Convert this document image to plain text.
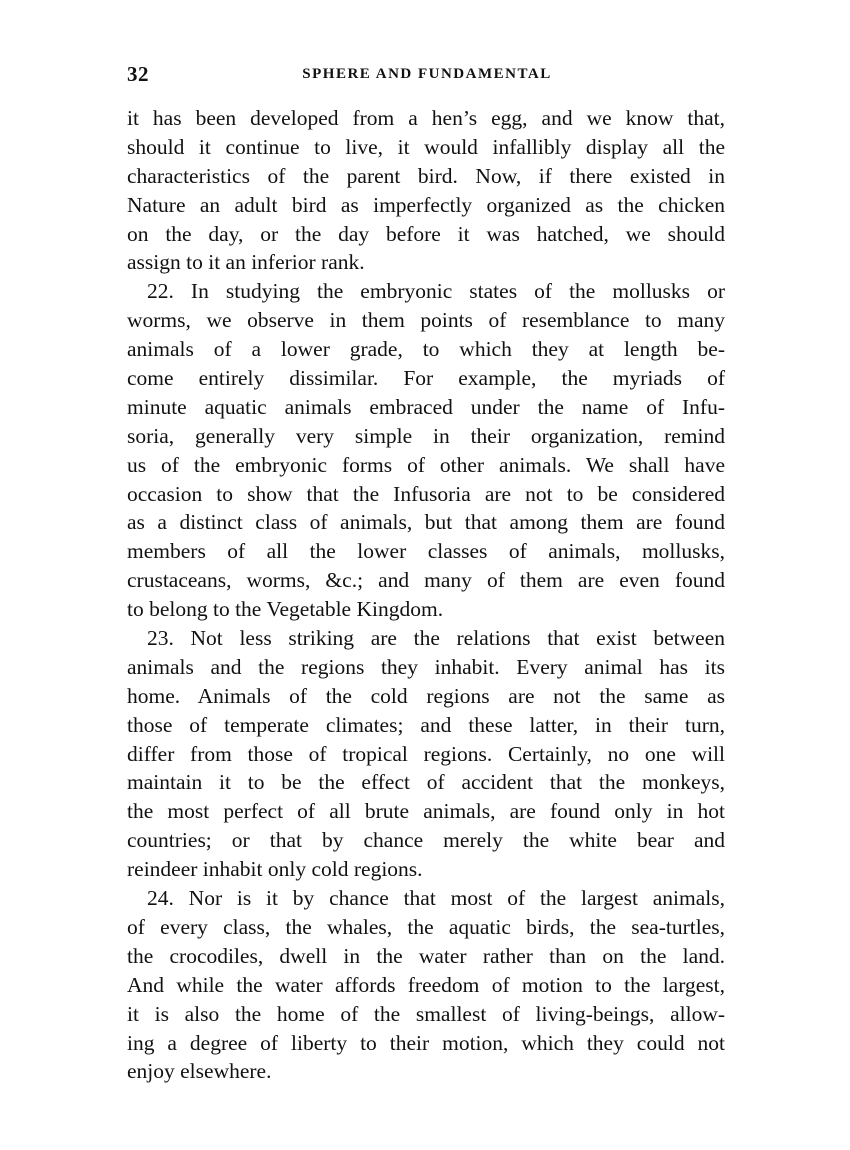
32	SPHERE AND FUNDAMENTAL
it has been developed from a hen’s egg, and we know that,
should it continue to live, it would infallibly display all the
characteristics of the parent bird. Now, if there existed in
Nature an adult bird as imperfectly organized as the chicken
on the day, or the day before it was hatched, we should
assign to it an inferior rank.
22. In studying the embryonic states of the mollusks or
worms, we observe in them points of resemblance to many
animals of a lower grade, to which they at length be-
come entirely dissimilar. For example, the myriads of
minute aquatic animals embraced under the name of Infu-
soria, generally very simple in their organization, remind
us of the embryonic forms of other animals. We shall have
occasion to show that the Infusoria are not to be considered
as a distinct class of animals, but that among them are found
members of all the lower classes of animals, mollusks,
crustaceans, worms, &c.; and many of them are even found
to belong to the Vegetable Kingdom.
23. Not less striking are the relations that exist between
animals and the regions they inhabit. Every animal has its
home. Animals of the cold regions are not the same as
those of temperate climates; and these latter, in their turn,
differ from those of tropical regions. Certainly, no one will
maintain it to be the effect of accident that the monkeys,
the most perfect of all brute animals, are found only in hot
countries; or that by chance merely the white bear and
reindeer inhabit only cold regions.
24. Nor is it by chance that most of the largest animals,
of every class, the whales, the aquatic birds, the sea-turtles,
the crocodiles, dwell in the water rather than on the land.
And while the water affords freedom of motion to the largest,
it is also the home of the smallest of living-beings, allow-
ing a degree of liberty to their motion, which they could not
enjoy elsewhere.
